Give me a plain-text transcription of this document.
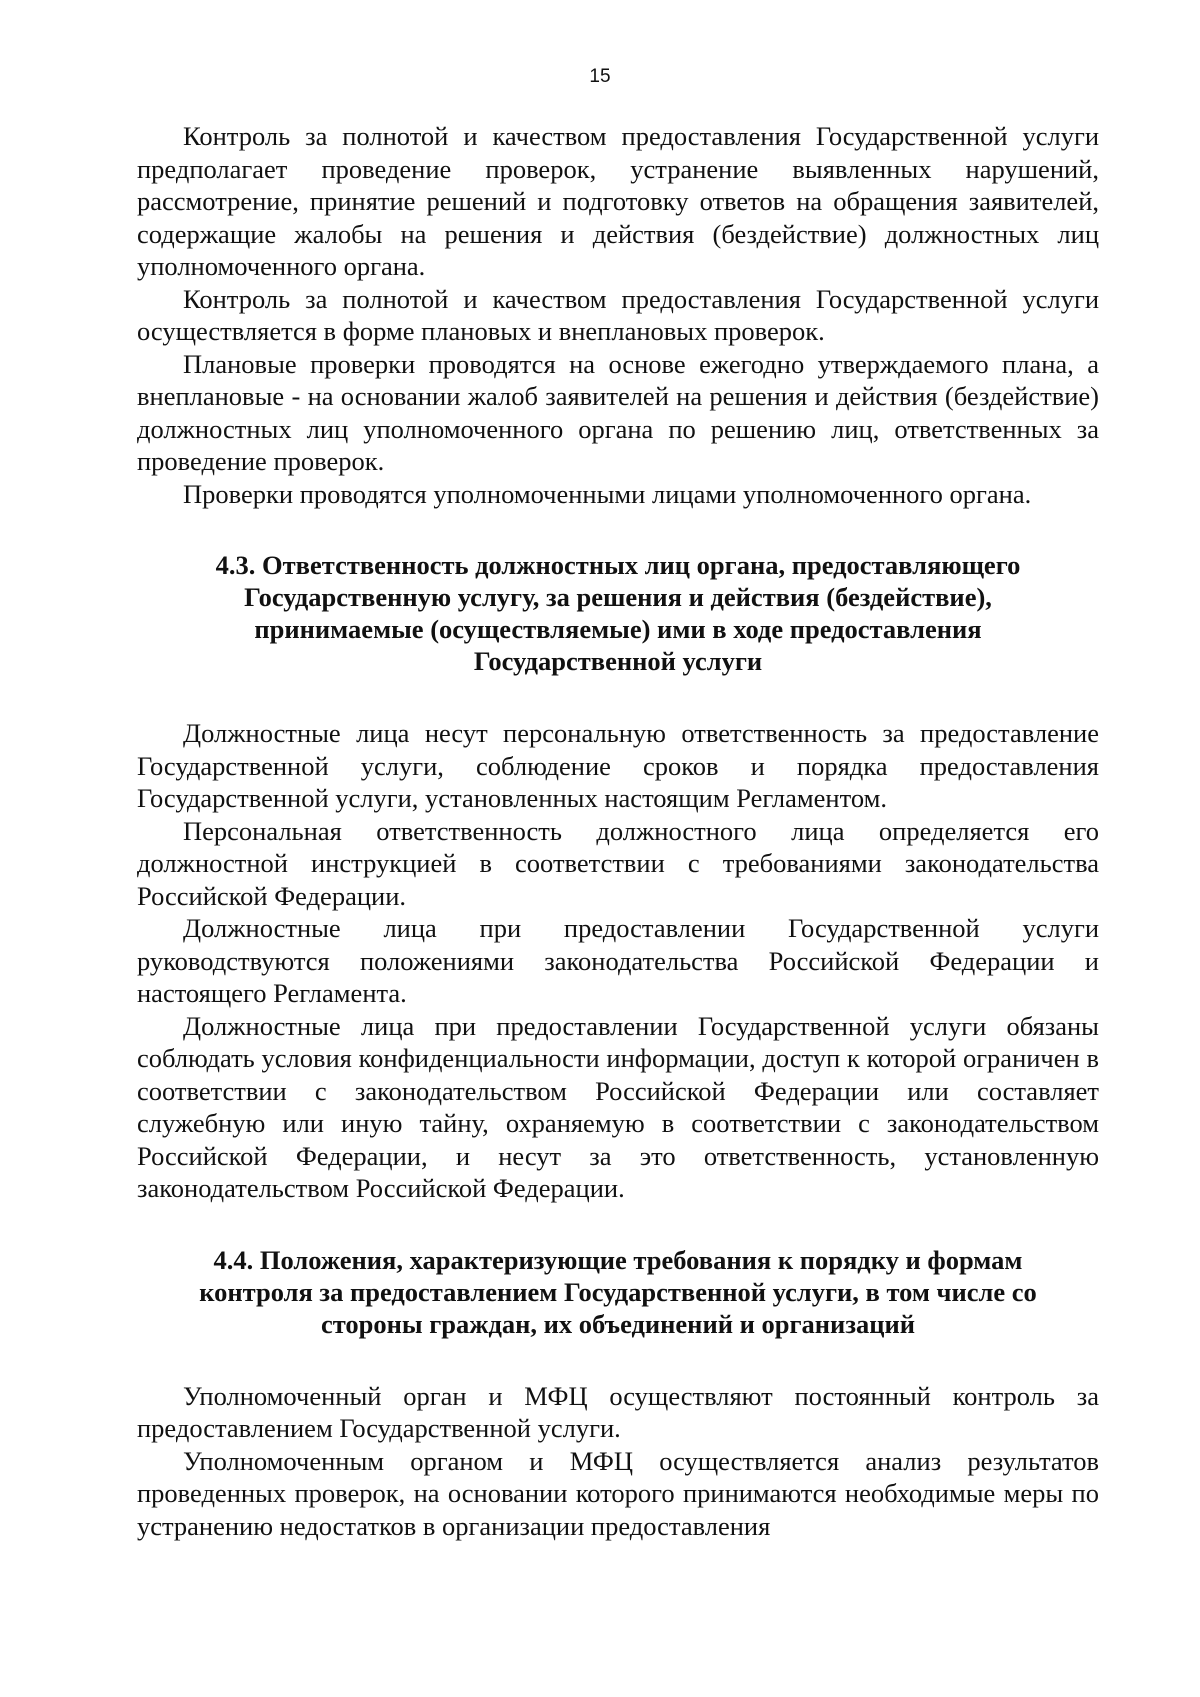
15

Контроль за полнотой и качеством предоставления Государственной услуги предполагает проведение проверок, устранение выявленных нарушений, рассмотрение, принятие решений и подготовку ответов на обращения заявителей, содержащие жалобы на решения и действия (бездействие) должностных лиц уполномоченного органа.

Контроль за полнотой и качеством предоставления Государственной услуги осуществляется в форме плановых и внеплановых проверок.

Плановые проверки проводятся на основе ежегодно утверждаемого плана, а внеплановые - на основании жалоб заявителей на решения и действия (бездействие) должностных лиц уполномоченного органа по решению лиц, ответственных за проведение проверок.

Проверки проводятся уполномоченными лицами уполномоченного органа.

4.3. Ответственность должностных лиц органа, предоставляющего Государственную услугу, за решения и действия (бездействие), принимаемые (осуществляемые) ими в ходе предоставления Государственной услуги

Должностные лица несут персональную ответственность за предоставление Государственной услуги, соблюдение сроков и порядка предоставления Государственной услуги, установленных настоящим Регламентом.

Персональная ответственность должностного лица определяется его должностной инструкцией в соответствии с требованиями законодательства Российской Федерации.

Должностные лица при предоставлении Государственной услуги руководствуются положениями законодательства Российской Федерации и настоящего Регламента.

Должностные лица при предоставлении Государственной услуги обязаны соблюдать условия конфиденциальности информации, доступ к которой ограничен в соответствии с законодательством Российской Федерации или составляет служебную или иную тайну, охраняемую в соответствии с законодательством Российской Федерации, и несут за это ответственность, установленную законодательством Российской Федерации.

4.4. Положения, характеризующие требования к порядку и формам контроля за предоставлением Государственной услуги, в том числе со стороны граждан, их объединений и организаций

Уполномоченный орган и МФЦ осуществляют постоянный контроль за предоставлением Государственной услуги.

Уполномоченным органом и МФЦ осуществляется анализ результатов проведенных проверок, на основании которого принимаются необходимые меры по устранению недостатков в организации предоставления
